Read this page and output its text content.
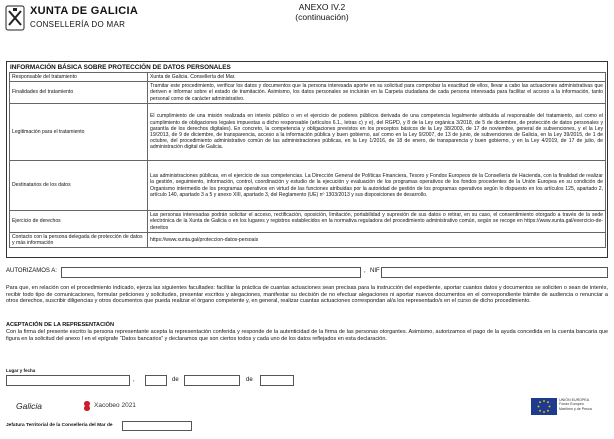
XUNTA DE GALICIA
CONSELLERÍA DO MAR
ANEXO IV.2
(continuación)
INFORMACIÓN BÁSICA SOBRE PROTECCIÓN DE DATOS PERSONALES
Responsable del tratamiento	Xunta de Galicia. Consellería del Mar.
Finalidades del tratamiento	Tramitar este procedimiento, verificar los datos y documentos que la persona interesada aporte en su solicitud para comprobar la exactitud de ellos, llevar a cabo las actuaciones administrativas que deriven e informar sobre el estado de tramitación. Asimismo, los datos personales se incluirán en la Carpeta ciudadana de cada persona interesada para facilitar el acceso a la información, tanto personal como de carácter administrativo.
Legitimación para el tratamiento	El cumplimiento de una misión realizada en interés público o en el ejercicio de poderes públicos derivada de una competencia legalmente atribuida al responsable del tratamiento, así como el cumplimiento de obligaciones legales impuestas a dicho responsable (artículos 6.1., letras c) y e), del RGPD, y 8 de la Ley orgánica 3/2018, de 5 de diciembre, de protección de datos personales y garantía de los derechos digitales). En concreto, la competencia y obligaciones previstos en los preceptos básicos de la Ley 38/2003, de 17 de noviembre, general de subvenciones, y el la Ley 19/2013, de 9 de diciembre, de transparencia, acceso a la información pública y buen gobierno, así como en la Ley 9/2007, de 13 de junio, de subvenciones de Galicia, en la Ley 39/2015, de 1 de octubre, del procedimiento administrativo común de las administraciones públicas, en la Ley 1/2016, de 18 de enero, de transparencia y buen gobierno, y en la Ley 4/2019, de 17 de julio, de administración digital de Galicia.
Destinatarios de los datos	Las administraciones públicas, en el ejercicio de sus competencias. La Dirección General de Políticas Financiera, Tesoro y Fondos Europeos de la Consellería de Hacienda, con la finalidad de realizar la gestión, seguimiento, información, control, coordinación y estudio de la ejecución y evaluación de los programas operativos de los fondos procedentes de la Unión Europea en su condición de Organismo intermedio de los programas operativos en virtud de las funciones atribuidas por la autoridad de gestión de los programas operativos según lo dispuesto en los artículos 125, apartado 2, artículo 140, apartado 3 a 5 y anexo XIII, apartado 3, del Reglamento (UE) nº 1303/2013 y sus disposiciones de desarrollo.
Ejercicio de derechos	Las personas interesadas podrán solicitar el acceso, rectificación, oposición, limitación, portabilidad y supresión de sus datos o retirar, en su caso, el consentimiento otorgado a través de la sede electrónica de la Xunta de Galicia o en los lugares y registros establecidos en la normativa reguladora del procedimiento administrativo común, según se recoge en https://www.xunta.gal/exercicio-de-dereitos
Contacto con la persona delegada de protección de datos y más información	https://www.xunta.gal/proteccion-datos-persoais
AUTORIZAMOS A:	, NIF
Para que, en relación con el procedimiento indicado, ejerza las siguientes facultades: facilitar la práctica de cuantas actuaciones sean precisas para la instrucción del expediente, aportar cuantos datos y documentos se soliciten o sean de interés, recibir todo tipo de comunicaciones, formular peticiones y solicitudes, presentar escritos y alegaciones, manifestar su decisión de no efectuar alegaciones ni aportar nuevos documentos en el correspondiente trámite de audiencia o renunciar a otros derechos, suscribir diligencias y otros documentos que pueda realizar el órgano competente y, en general, realizar cuantas actuaciones correspondan al/a los representado/s en el curso de dicho procedimiento.
ACEPTACIÓN DE LA REPRESENTACIÓN
Con la firma del presente escrito la persona representante acepta la representación conferida y responde de la autenticidad de la firma de las personas otorgantes. Asimismo, autorizamos el pago de la ayuda concedida en la cuenta bancaria que figura en la solicitud del anexo I en el epígrafe “Datos bancarios” y declaramos que son ciertos todos y cada uno de los datos reflejados en esta declaración.
Lugar y fecha
,	de	de
Galicia	Xacobeo 2021
UNIÓN EUROPEA
Fondo Europeo
Marítimo y de Pesca
Jefatura Territorial de la Consellería del Mar de
